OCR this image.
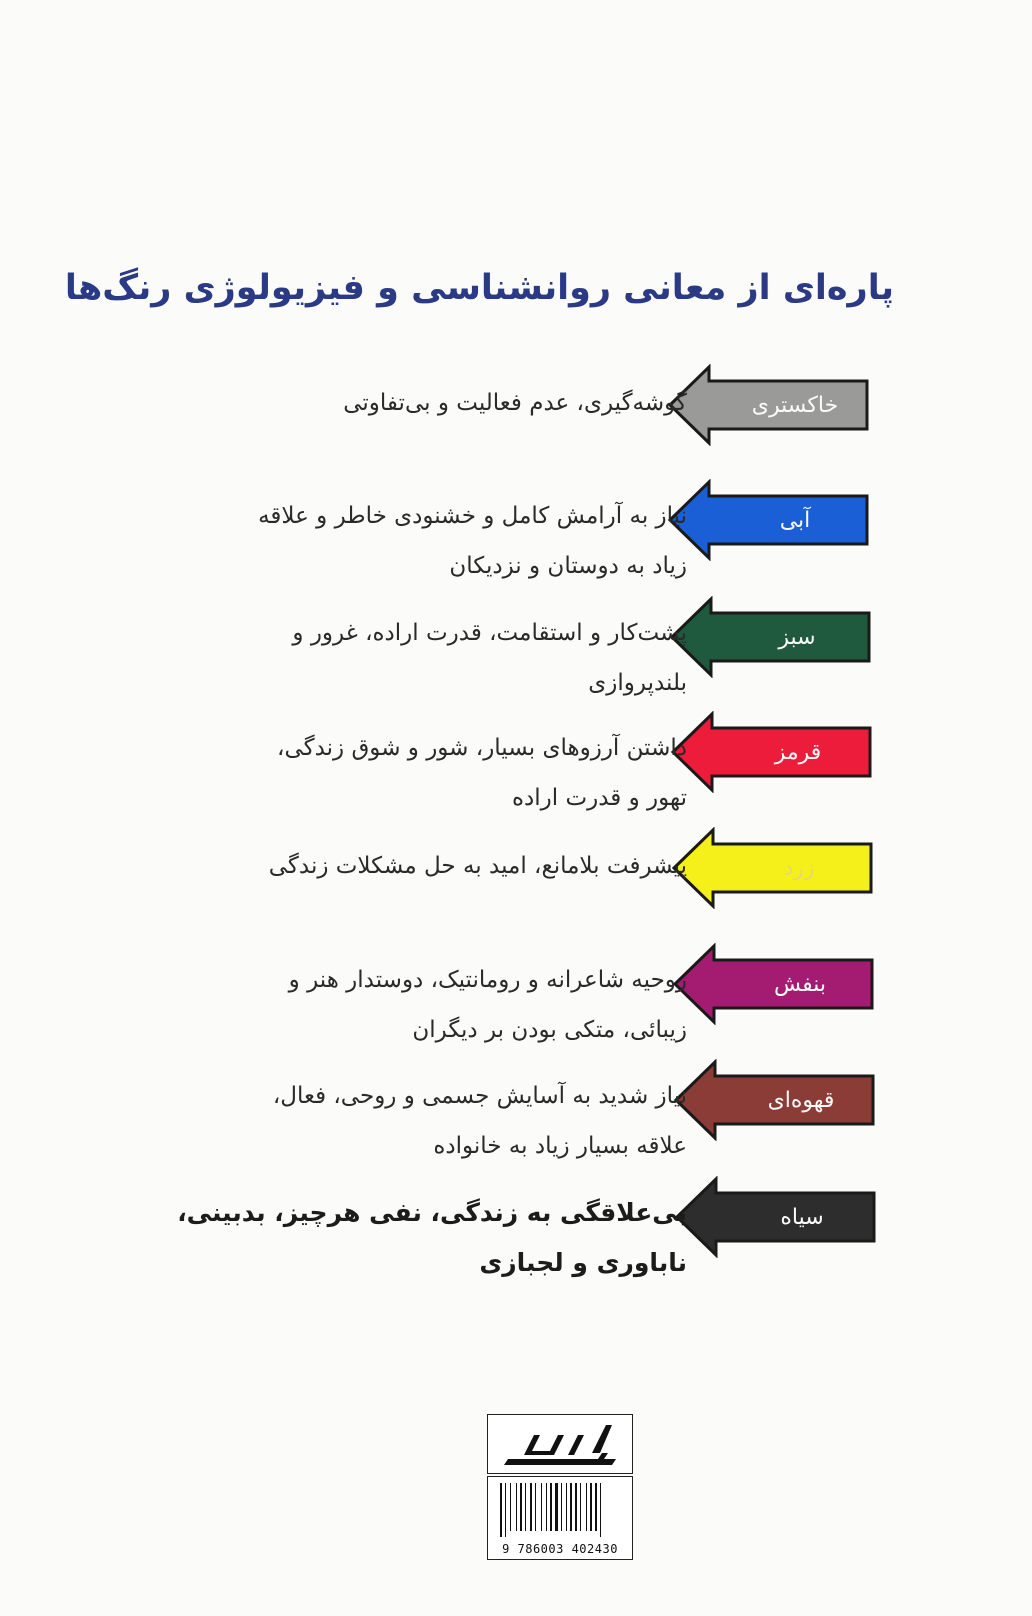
پاره‌ای از معانی روانشناسی و فیزیولوژی رنگ‌ها
خاکستری
گوشه‌گیری، عدم فعالیت و بی‌تفاوتی
آبی
نیاز به آرامش کامل و خشنودی خاطر و علاقه
زیاد به دوستان و نزدیکان
سبز
پشت‌کار و استقامت، قدرت اراده، غرور و
بلندپروازی
قرمز
داشتن آرزوهای بسیار، شور و شوق زندگی،
تهور و قدرت اراده
زرد
پیشرفت بلامانع، امید به حل مشکلات زندگی
بنفش
روحیه شاعرانه و رومانتیک، دوستدار هنر و
زیبائی، متکی بودن بر دیگران
قهوه‌ای
نیاز شدید به آسایش جسمی و روحی، فعال،
علاقه بسیار زیاد به خانواده
سیاه
بی‌علاقگی به زندگی، نفی هرچیز، بدبینی،
ناباوری و لجبازی
9 786003 402430
